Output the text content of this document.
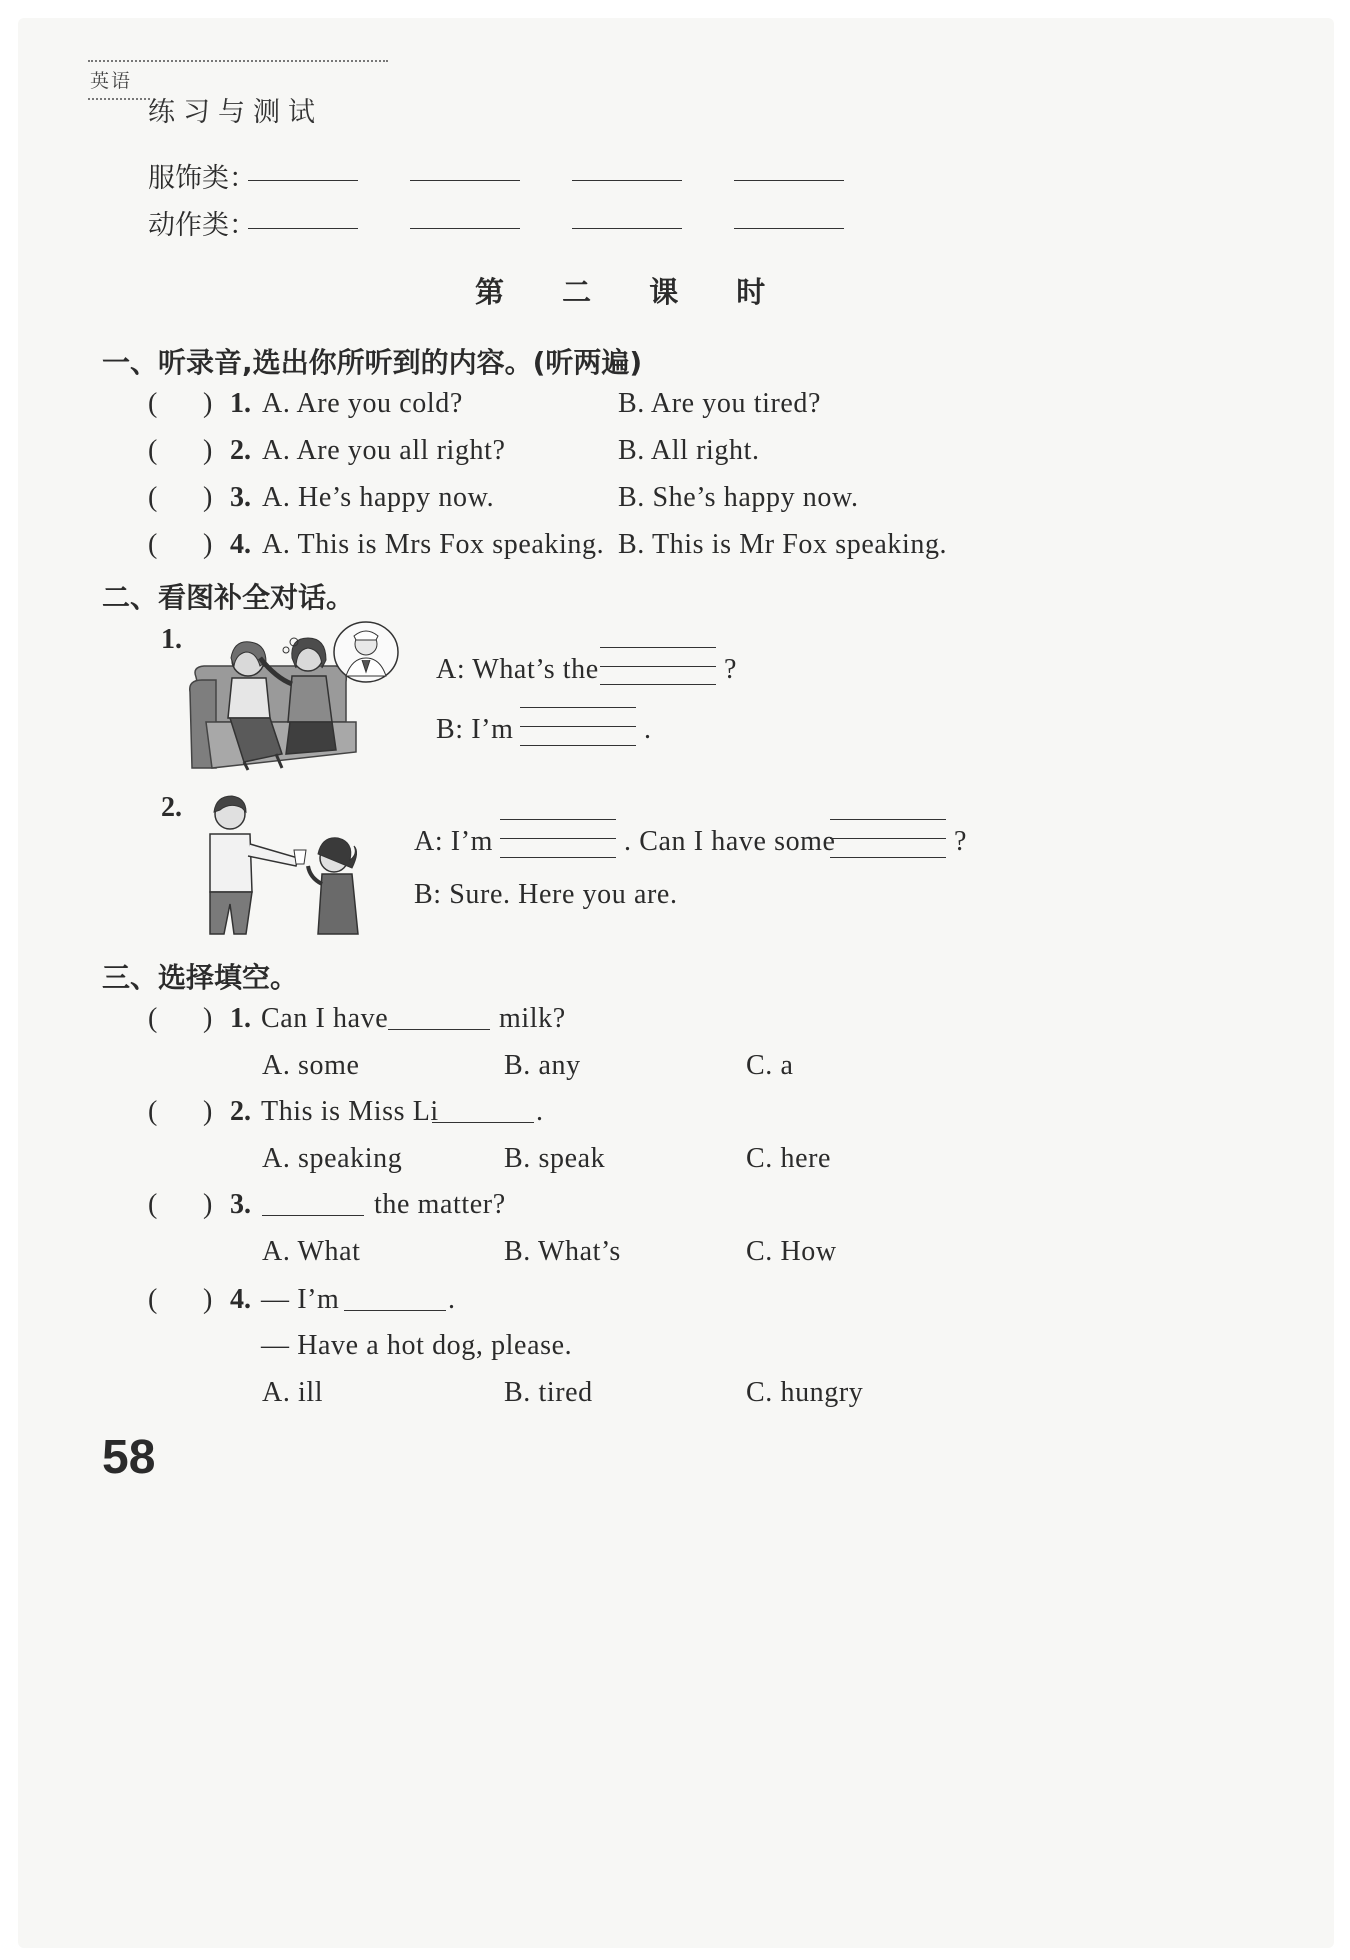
英语
练习与测试
服饰类：
动作类：
第 二 课 时
一、听录音,选出你所听到的内容。(听两遍)
( ) 1. A. Are you cold?	B. Are you tired?
( ) 2. A. Are you all right?	B. All right.
( ) 3. A. He’s happy now.	B. She’s happy now.
( ) 4. A. This is Mrs Fox speaking. B. This is Mr Fox speaking.
二、看图补全对话。
1.
A: What’s the	?
B: I’m	.
2.
A: I’m	. Can I have some	?
B: Sure. Here you are.
三、选择填空。
( ) 1. Can I have	milk?
A. some	B. any	C. a
( ) 2. This is Miss Li	.
A. speaking	B. speak	C. here
( ) 3.	the matter?
A. What	B. What’s	C. How
( ) 4. — I’m	.
— Have a hot dog, please.
A. ill	B. tired	C. hungry
58
